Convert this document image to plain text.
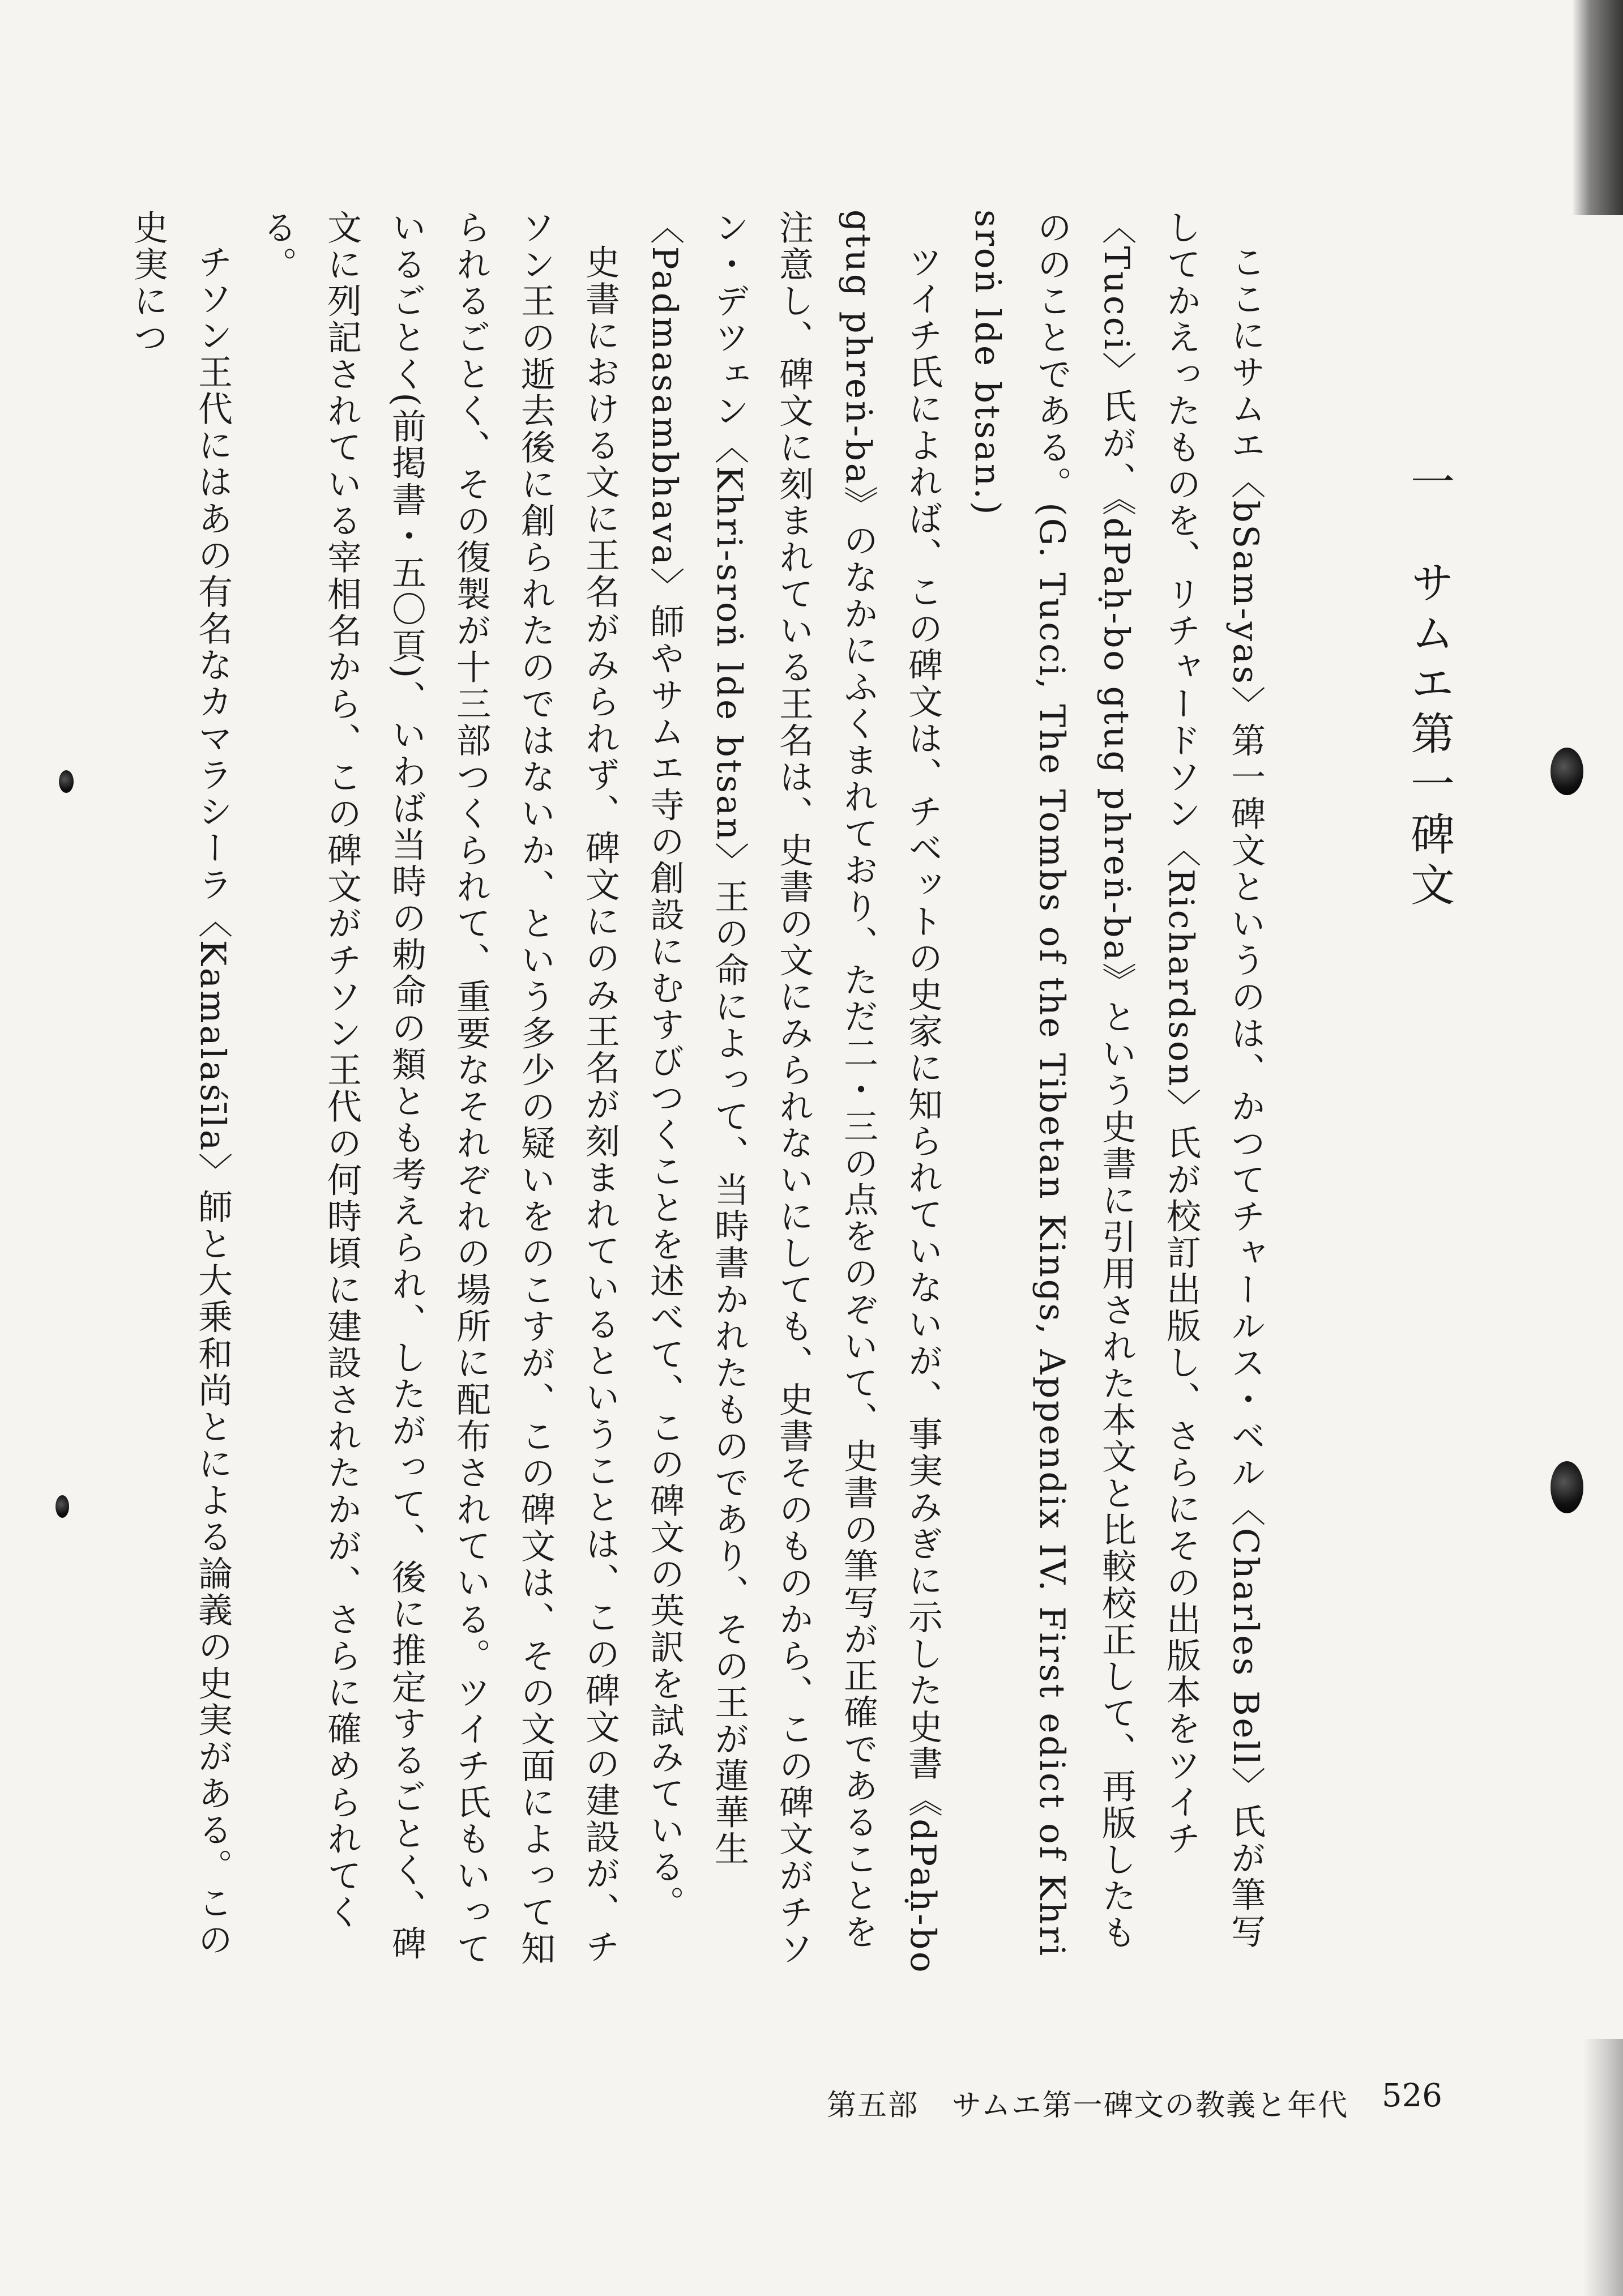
一　サムエ第一碑文

ここにサムエ〈bSam-yas〉第一碑文というのは、かつてチャールス・ベル〈Charles Bell〉氏が筆写してかえったものを、リチャードソン〈Richardson〉氏が校訂出版し、さらにその出版本をツイチ〈Tucci〉氏が、《dPaḥ-bo gtug phreṅ-ba》という史書に引用された本文と比較校正して、再版したもののことである。(G. Tucci, The Tombs of the Tibetan Kings, Appendix IV. First edict of Khri sroṅ lde btsan.)

ツイチ氏によれば、この碑文は、チベットの史家に知られていないが、事実みぎに示した史書《dPaḥ-bo gtug phreṅ-ba》のなかにふくまれており、ただ二・三の点をのぞいて、史書の筆写が正確であることを注意し、碑文に刻まれている王名は、史書の文にみられないにしても、史書そのものから、この碑文がチソン・デツェン〈Khri-sroṅ lde btsan〉王の命によって、当時書かれたものであり、その王が蓮華生〈Padmasambhava〉師やサムエ寺の創設にむすびつくことを述べて、この碑文の英訳を試みている。

史書における文に王名がみられず、碑文にのみ王名が刻まれているということは、この碑文の建設が、チソン王の逝去後に創られたのではないか、という多少の疑いをのこすが、この碑文は、その文面によって知られるごとく、その復製が十三部つくられて、重要なそれぞれの場所に配布されている。ツイチ氏もいっているごとく(前掲書・五〇頁)、いわば当時の勅命の類とも考えられ、したがって、後に推定するごとく、碑文に列記されている宰相名から、この碑文がチソン王代の何時頃に建設されたかが、さらに確められてくる。

チソン王代にはあの有名なカマラシーラ〈Kamalaśīla〉師と大乗和尚とによる論義の史実がある。この史実につ

第五部 サムエ第一碑文の教義と年代 526
